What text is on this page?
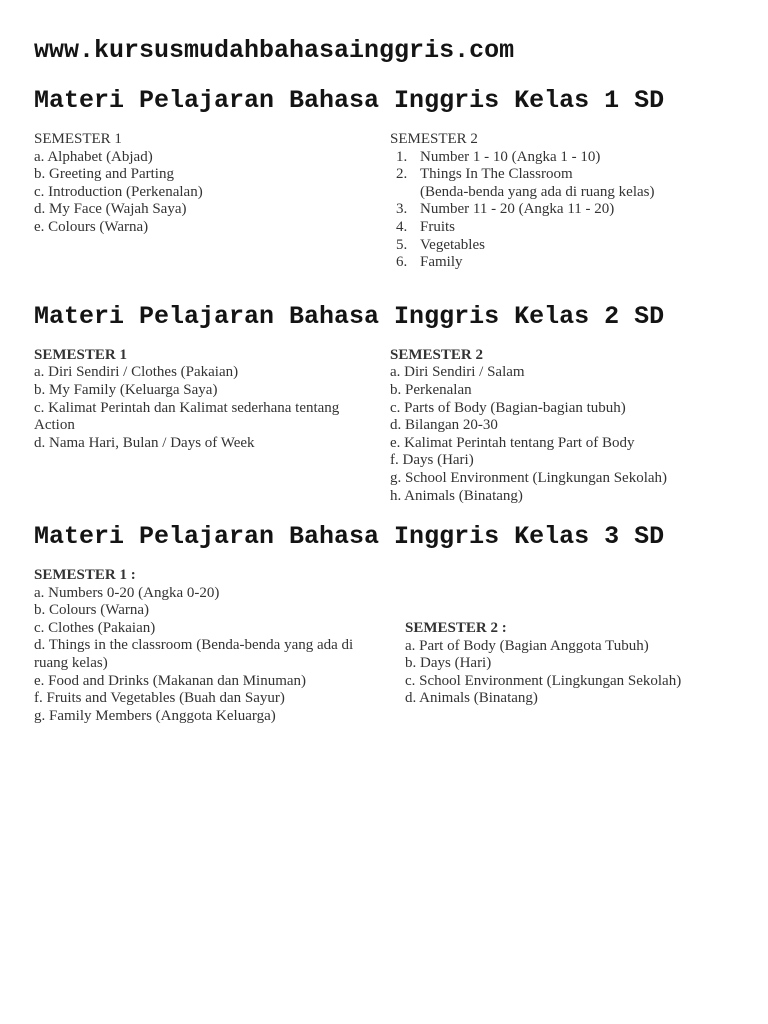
www.kursusmudahbahasainggris.com

Materi Pelajaran Bahasa Inggris Kelas 1 SD

SEMESTER 1

a. Alphabet (Abjad)

b. Greeting and Parting

c. Introduction (Perkenalan)

d. My Face (Wajah Saya)

e. Colours (Warna)

SEMESTER 2

1. Number 1 - 10 (Angka 1 - 10)
2. Things In The Classroom
(Benda-benda yang ada di ruang kelas)
3. Number 11 - 20 (Angka 11 - 20)
4. Fruits
5. Vegetables
6. Family
Materi Pelajaran Bahasa Inggris Kelas 2 SD

SEMESTER 1

a. Diri Sendiri / Clothes (Pakaian)

b. My Family (Keluarga Saya)

c. Kalimat Perintah dan Kalimat sederhana tentang

Action

d. Nama Hari, Bulan / Days of Week

SEMESTER 2

a. Diri Sendiri / Salam

b. Perkenalan

c. Parts of Body (Bagian-bagian tubuh)

d. Bilangan 20-30

e. Kalimat Perintah tentang Part of Body

f. Days (Hari)

g. School Environment (Lingkungan Sekolah)

h. Animals (Binatang)

Materi Pelajaran Bahasa Inggris Kelas 3 SD

SEMESTER 1 :

a. Numbers 0-20 (Angka 0-20)

b. Colours (Warna)

c. Clothes (Pakaian)

d. Things in the classroom (Benda-benda yang ada di

ruang kelas)

e. Food and Drinks (Makanan dan Minuman)

f. Fruits and Vegetables (Buah dan Sayur)

g. Family Members (Anggota Keluarga)

SEMESTER 2 :

a. Part of Body (Bagian Anggota Tubuh)

b. Days (Hari)

c. School Environment (Lingkungan Sekolah)

d. Animals (Binatang)
